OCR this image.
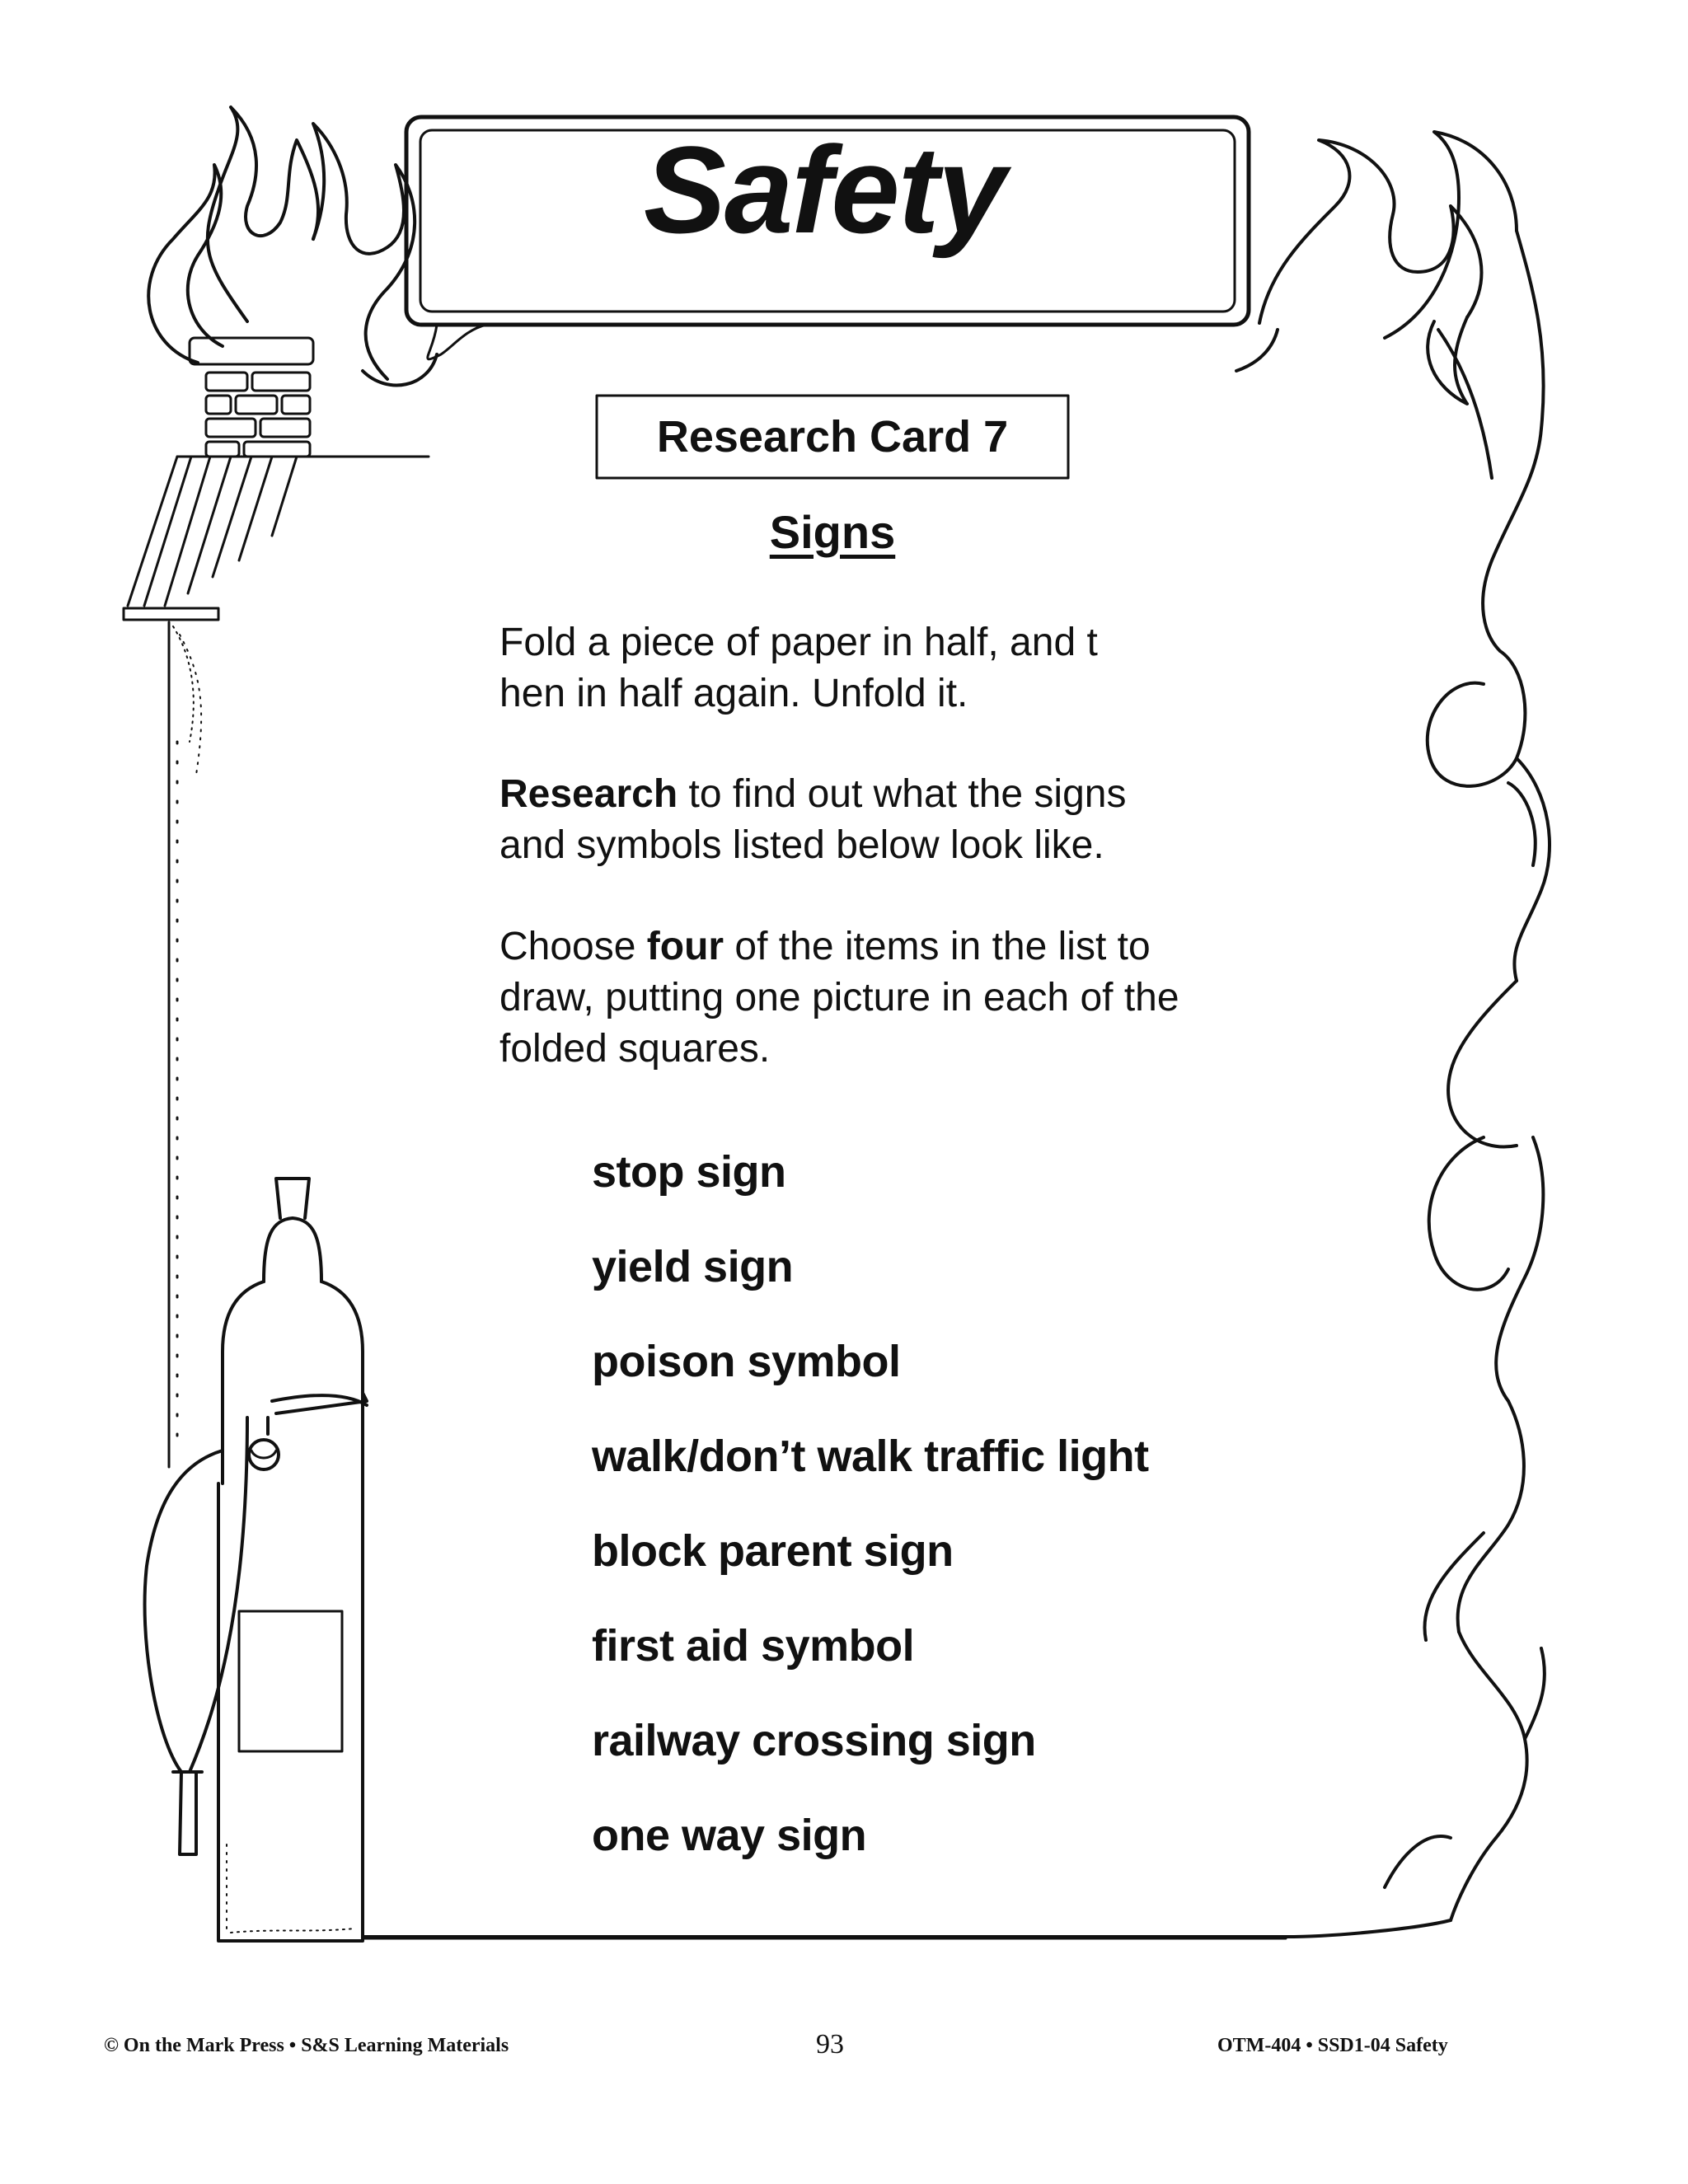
Safety
Research Card 7
Signs

Fold a piece of paper in half, and t
hen in half again. Unfold it.

Research to find out what the signs
and symbols listed below look like.

Choose four of the items in the list to
draw, putting one picture in each of the
folded squares.

stop sign
yield sign
poison symbol
walk/don’t walk traffic light
block parent sign
first aid symbol
railway crossing sign
one way sign
© On the Mark Press • S&S Learning Materials	93	OTM-404 • SSD1-04 Safety
